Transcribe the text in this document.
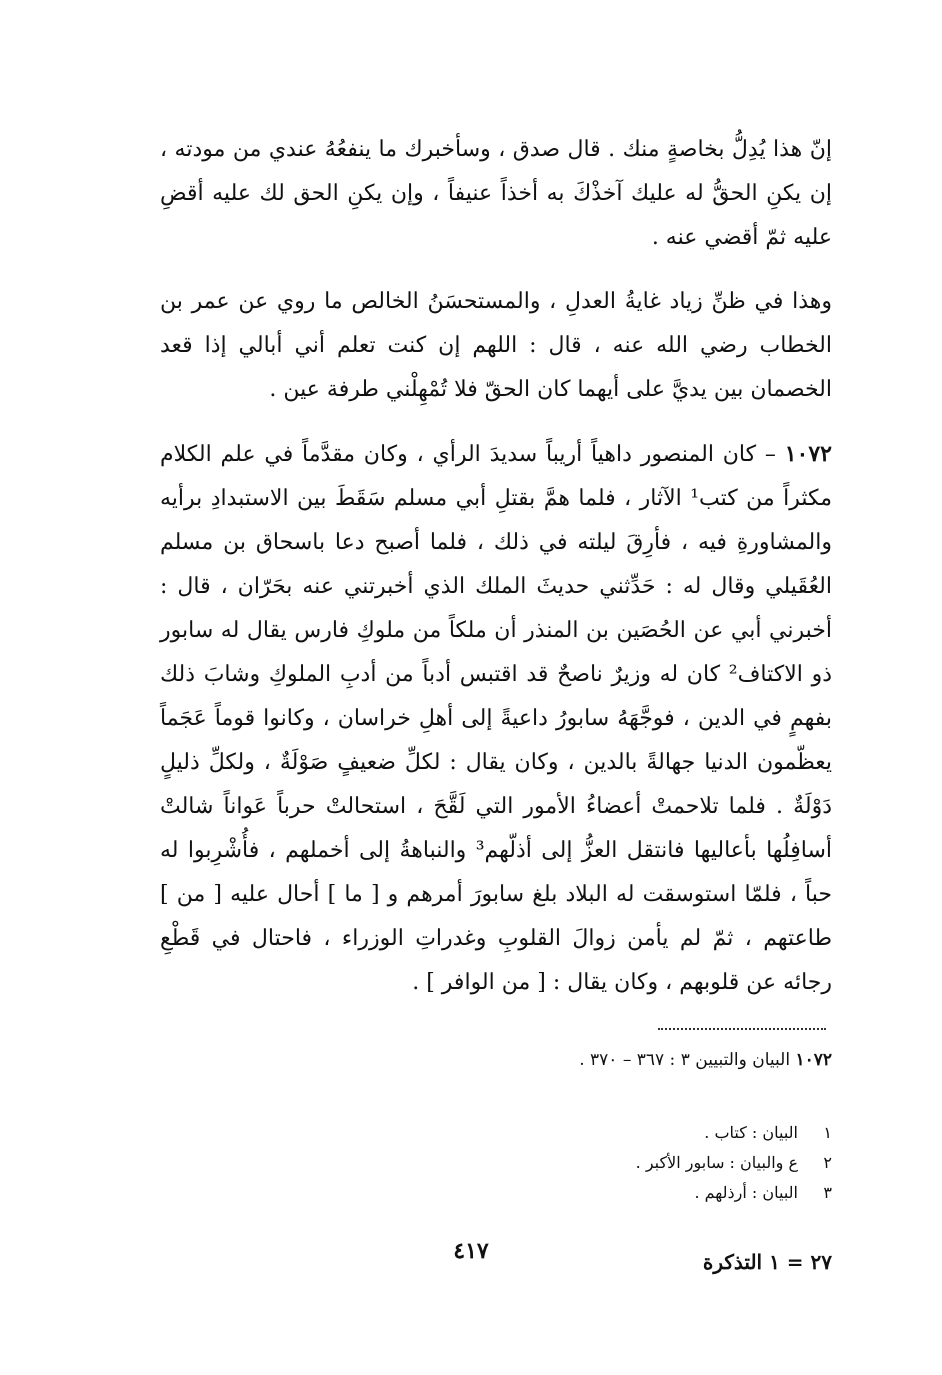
إنّ هذا يُدِلُّ بخاصةٍ منك . قال صدق ، وسأخبرك ما ينفعُهُ عندي من مودته ، إن يكنِ الحقُّ له عليك آخذْكَ به أخذاً عنيفاً ، وإن يكنِ الحق لك عليه أقضِ عليه ثمّ أقضي عنه .

وهذا في ظنِّ زياد غايةُ العدلِ ، والمستحسَنُ الخالص ما روي عن عمر بن الخطاب رضي الله عنه ، قال : اللهم إن كنت تعلم أني أبالي إذا قعد الخصمان بين يديَّ على أيهما كان الحقّ فلا تُمْهِلْني طرفة عين .

١٠٧٢ – كان المنصور داهياً أريباً سديدَ الرأي ، وكان مقدَّماً في علم الكلام مكثراً من كتب¹ الآثار ، فلما همَّ بقتلِ أبي مسلم سَقَطَ بين الاستبدادِ برأيه والمشاورةِ فيه ، فأرِقَ ليلته في ذلك ، فلما أصبح دعا باسحاق بن مسلم العُقَيلي وقال له : حَدِّثني حديثَ الملك الذي أخبرتني عنه بحَرّان ، قال : أخبرني أبي عن الحُصَين بن المنذر أن ملكاً من ملوكِ فارس يقال له سابور ذو الاكتاف² كان له وزيرٌ ناصحٌ قد اقتبس أدباً من أدبِ الملوكِ وشابَ ذلك بفهمٍ في الدين ، فوجَّهَهُ سابورُ داعيةً إلى أهلِ خراسان ، وكانوا قوماً عَجَماً يعظّمون الدنيا جهالةً بالدين ، وكان يقال : لكلِّ ضعيفٍ صَوْلَةٌ ، ولكلِّ ذليلٍ دَوْلَةٌ . فلما تلاحمتْ أعضاءُ الأمور التي لَقَّحَ ، استحالتْ حرباً عَواناً شالتْ أسافِلُها بأعاليها فانتقل العزُّ إلى أذلّهم³ والنباهةُ إلى أخملهم ، فأُشْرِبوا له حباً ، فلمّا استوسقت له البلاد بلغ سابورَ أمرهم و [ ما ] أحال عليه [ من ] طاعتهم ، ثمّ لم يأمن زوالَ القلوبِ وغدراتِ الوزراء ، فاحتال في قَطْعِ رجائه عن قلوبهم ، وكان يقال : [ من الوافر ] .

١٠٧٢ البيان والتبيين ٣ : ٣٦٧ – ٣٧٠ .
١
البيان : كتاب .
٢
ع والبيان : سابور الأكبر .
٣
البيان : أرذلهم .
٤١٧	٢٧ = ١ التذكرة
